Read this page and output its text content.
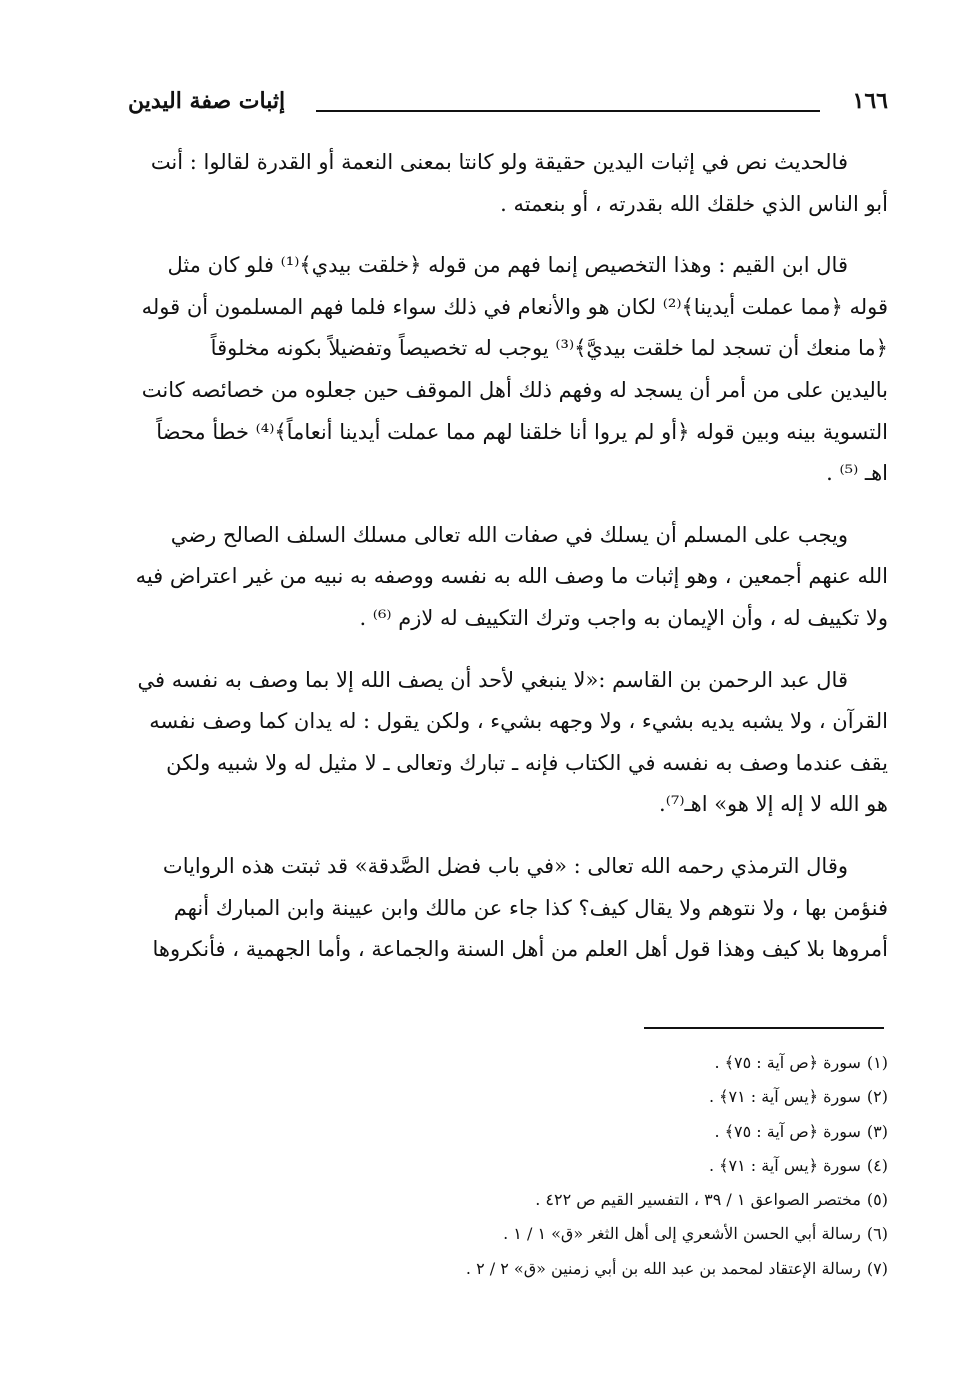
إثبات صفة اليدين	١٦٦

فالحديث نص في إثبات اليدين حقيقة ولو كانتا بمعنى النعمة أو القدرة لقالوا : أنت

أبو الناس الذي خلقك الله بقدرته ، أو بنعمته .

قال ابن القيم : وهذا التخصيص إنما فهم من قوله ﴿خلقت بيدي﴾⁽¹⁾ فلو كان مثل

قوله ﴿مما عملت أيدينا﴾⁽²⁾ لكان هو والأنعام في ذلك سواء فلما فهم المسلمون أن قوله

﴿ما منعك أن تسجد لما خلقت بيديَّ﴾⁽³⁾ يوجب له تخصيصاً وتفضيلاً بكونه مخلوقاً

باليدين على من أمر أن يسجد له وفهم ذلك أهل الموقف حين جعلوه من خصائصه كانت

التسوية بينه وبين قوله ﴿أو لم يروا أنا خلقنا لهم مما عملت أيدينا أنعاماً﴾⁽⁴⁾ خطأ محضاً

اهـ ⁽⁵⁾ .

ويجب على المسلم أن يسلك في صفات الله تعالى مسلك السلف الصالح رضي

الله عنهم أجمعين ، وهو إثبات ما وصف الله به نفسه ووصفه به نبيه من غير اعتراض فيه

ولا تكييف له ، وأن الإيمان به واجب وترك التكييف له لازم ⁽⁶⁾ .

قال عبد الرحمن بن القاسم :«لا ينبغي لأحد أن يصف الله إلا بما وصف به نفسه في

القرآن ، ولا يشبه يديه بشيء ، ولا وجهه بشيء ، ولكن يقول : له يدان كما وصف نفسه

يقف عندما وصف به نفسه في الكتاب فإنه ـ تبارك وتعالى ـ لا مثيل له ولا شبيه ولكن

هو الله لا إله إلا هو» اهـ⁽⁷⁾.

وقال الترمذي رحمه الله تعالى : «في باب فضل الصَّدقة» قد ثبتت هذه الروايات

فنؤمن بها ، ولا نتوهم ولا يقال كيف؟ كذا جاء عن مالك وابن عيينة وابن المبارك أنهم

أمروها بلا كيف وهذا قول أهل العلم من أهل السنة والجماعة ، وأما الجهمية ، فأنكروها

(١)سورة ﴿ص آية : ٧٥﴾ .
(٢)سورة ﴿يس آية : ٧١﴾ .
(٣)سورة ﴿ص آية : ٧٥﴾ .
(٤)سورة ﴿يس آية : ٧١﴾ .
(٥)مختصر الصواعق ١ / ٣٩ ، التفسير القيم ص ٤٢٢ .
(٦)رسالة أبي الحسن الأشعري إلى أهل الثغر «ق» ١ / ١ .
(٧)رسالة الإعتقاد لمحمد بن عبد الله بن أبي زمنين «ق» ٢ / ٢ .
